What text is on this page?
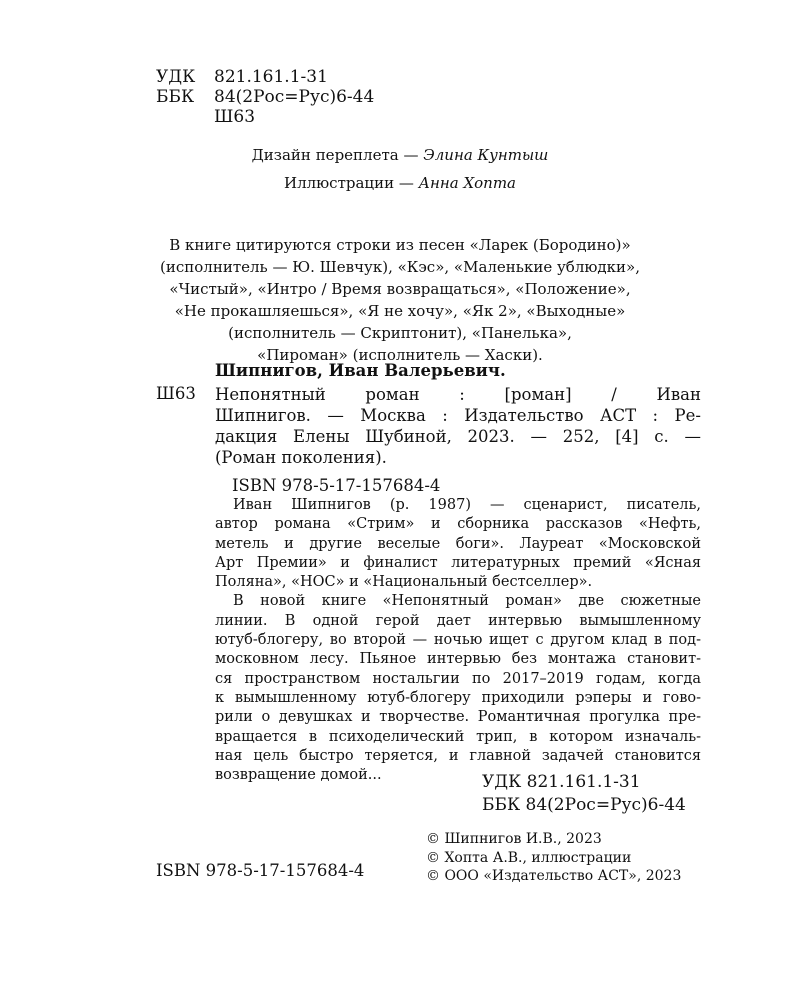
УДК	821.161.1-31
ББК	84(2Рос=Рус)6-44
Ш63
Дизайн переплета — Элина Кунтыш
Иллюстрации — Анна Хопта
В книге цитируются строки из песен «Ларек (Бородино)»
(исполнитель — Ю. Шевчук), «Кэс», «Маленькие ублюдки»,
«Чистый», «Интро / Время возвращаться», «Положение»,
«Не прокашляешься», «Я не хочу», «Як 2», «Выходные»
(исполнитель — Скриптонит), «Панелька»,
«Пироман» (исполнитель — Хаски).
Шипнигов, Иван Валерьевич.
Ш63 Непонятный роман : [роман] / Иван
Шипнигов. — Москва : Издательство АСТ : Ре-
дакция Елены Шубиной, 2023. — 252, [4] с. —
(Роман поколения).
ISBN 978-5-17-157684-4
Иван Шипнигов (р. 1987) — сценарист, писатель,
автор романа «Стрим» и сборника рассказов «Нефть,
метель и другие веселые боги». Лауреат «Московской
Арт Премии» и финалист литературных премий «Ясная
Поляна», «НОС» и «Национальный бестселлер».
В новой книге «Непонятный роман» две сюжетные
линии. В одной герой дает интервью вымышленному
ютуб-блогеру, во второй — ночью ищет с другом клад в под-
московном лесу. Пьяное интервью без монтажа становит-
ся пространством ностальгии по 2017–2019 годам, когда
к вымышленному ютуб-блогеру приходили рэперы и гово-
рили о девушках и творчестве. Романтичная прогулка пре-
вращается в психоделический трип, в котором изначаль-
ная цель быстро теряется, и главной задачей становится
возвращение домой...	УДК 821.161.1-31
ББК 84(2Рос=Рус)6-44
ISBN 978-5-17-157684-4
© Шипнигов И.В., 2023
© Хопта А.В., иллюстрации
© ООО «Издательство АСТ», 2023
